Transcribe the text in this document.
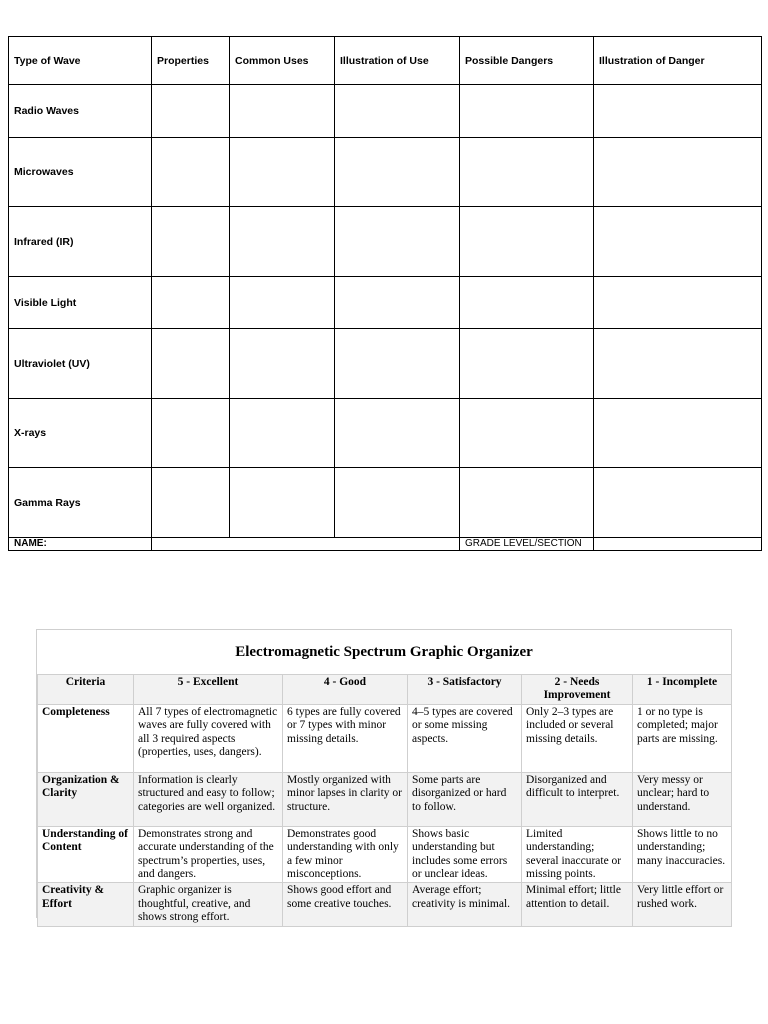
Type of Wave	Properties	Common Uses	Illustration of Use	Possible Dangers	Illustration of Danger
Radio Waves					
Microwaves					
Infrared (IR)					
Visible Light					
Ultraviolet (UV)					
X-rays					
Gamma Rays					
NAME:				GRADE LEVEL/SECTION	
Electromagnetic Spectrum Graphic Organizer
Criteria	5 - Excellent	4 - Good	3 - Satisfactory	2 - Needs Improvement	1 - Incomplete
Completeness	All 7 types of electromagnetic waves are fully covered with all 3 required aspects (properties, uses, dangers).	6 types are fully covered or 7 types with minor missing details.	4–5 types are covered or some missing aspects.	Only 2–3 types are included or several missing details.	1 or no type is completed; major parts are missing.
Organization & Clarity	Information is clearly structured and easy to follow; categories are well organized.	Mostly organized with minor lapses in clarity or structure.	Some parts are disorganized or hard to follow.	Disorganized and difficult to interpret.	Very messy or unclear; hard to understand.
Understanding of Content	Demonstrates strong and accurate understanding of the spectrum’s properties, uses, and dangers.	Demonstrates good understanding with only a few minor misconceptions.	Shows basic understanding but includes some errors or unclear ideas.	Limited understanding; several inaccurate or missing points.	Shows little to no understanding; many inaccuracies.
Creativity & Effort	Graphic organizer is thoughtful, creative, and shows strong effort.	Shows good effort and some creative touches.	Average effort; creativity is minimal.	Minimal effort; little attention to detail.	Very little effort or rushed work.
